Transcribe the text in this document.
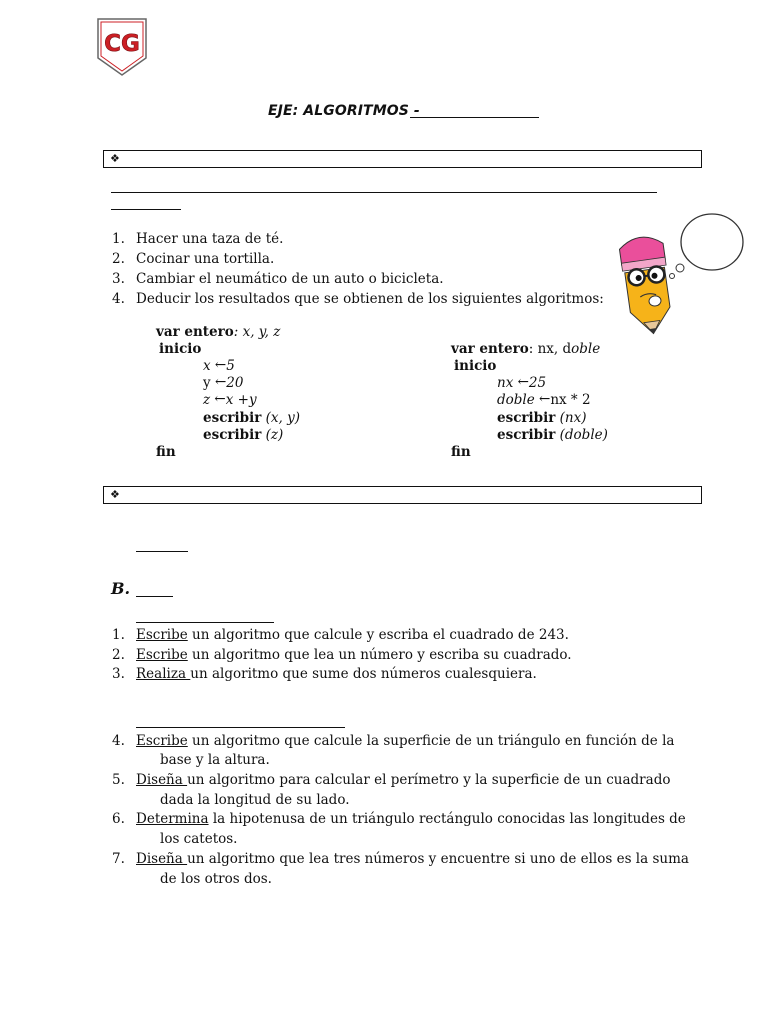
CG
EJE: ALGORITMOS -
❖
1. Hacer una taza de té.
2. Cocinar una tortilla.
3. Cambiar el neumático de un auto o bicicleta.
4. Deducir los resultados que se obtienen de los siguientes algoritmos:
var entero: x, y, z
inicio
x ←5
y ←20
z ←x +y
escribir (x, y)
escribir (z)
fin
var entero: nx, doble
inicio
nx ←25
doble ←nx * 2
escribir (nx)
escribir (doble)
fin
❖
B.
1. Escribe un algoritmo que calcule y escriba el cuadrado de 243.
2. Escribe un algoritmo que lea un número y escriba su cuadrado.
3. Realiza un algoritmo que sume dos números cualesquiera.
4. Escribe un algoritmo que calcule la superficie de un triángulo en función de la
base y la altura.
5. Diseña un algoritmo para calcular el perímetro y la superficie de un cuadrado
dada la longitud de su lado.
6. Determina la hipotenusa de un triángulo rectángulo conocidas las longitudes de
los catetos.
7. Diseña un algoritmo que lea tres números y encuentre si uno de ellos es la suma
de los otros dos.
